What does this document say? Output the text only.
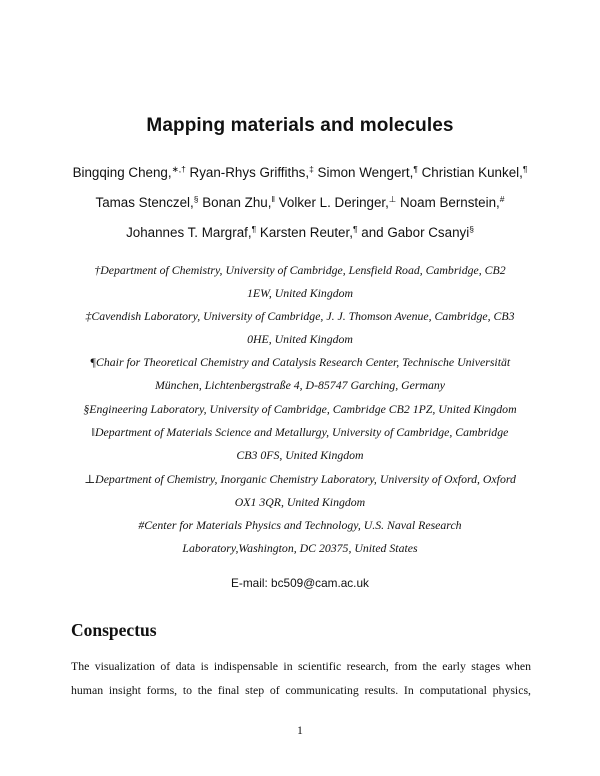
Mapping materials and molecules
Bingqing Cheng,∗,† Ryan-Rhys Griffiths,‡ Simon Wengert,¶ Christian Kunkel,¶
Tamas Stenczel,§ Bonan Zhu,‖ Volker L. Deringer,⊥ Noam Bernstein,#
Johannes T. Margraf,¶ Karsten Reuter,¶ and Gabor Csanyi§
†Department of Chemistry, University of Cambridge, Lensfield Road, Cambridge, CB2
1EW, United Kingdom
‡Cavendish Laboratory, University of Cambridge, J. J. Thomson Avenue, Cambridge, CB3
0HE, United Kingdom
¶Chair for Theoretical Chemistry and Catalysis Research Center, Technische Universität
München, Lichtenbergstraße 4, D-85747 Garching, Germany
§Engineering Laboratory, University of Cambridge, Cambridge CB2 1PZ, United Kingdom
‖Department of Materials Science and Metallurgy, University of Cambridge, Cambridge
CB3 0FS, United Kingdom
⊥Department of Chemistry, Inorganic Chemistry Laboratory, University of Oxford, Oxford
OX1 3QR, United Kingdom
#Center for Materials Physics and Technology, U.S. Naval Research
Laboratory,Washington, DC 20375, United States
E-mail: bc509@cam.ac.uk
Conspectus
The visualization of data is indispensable in scientific research, from the early stages when
human insight forms, to the final step of communicating results. In computational physics,
1
